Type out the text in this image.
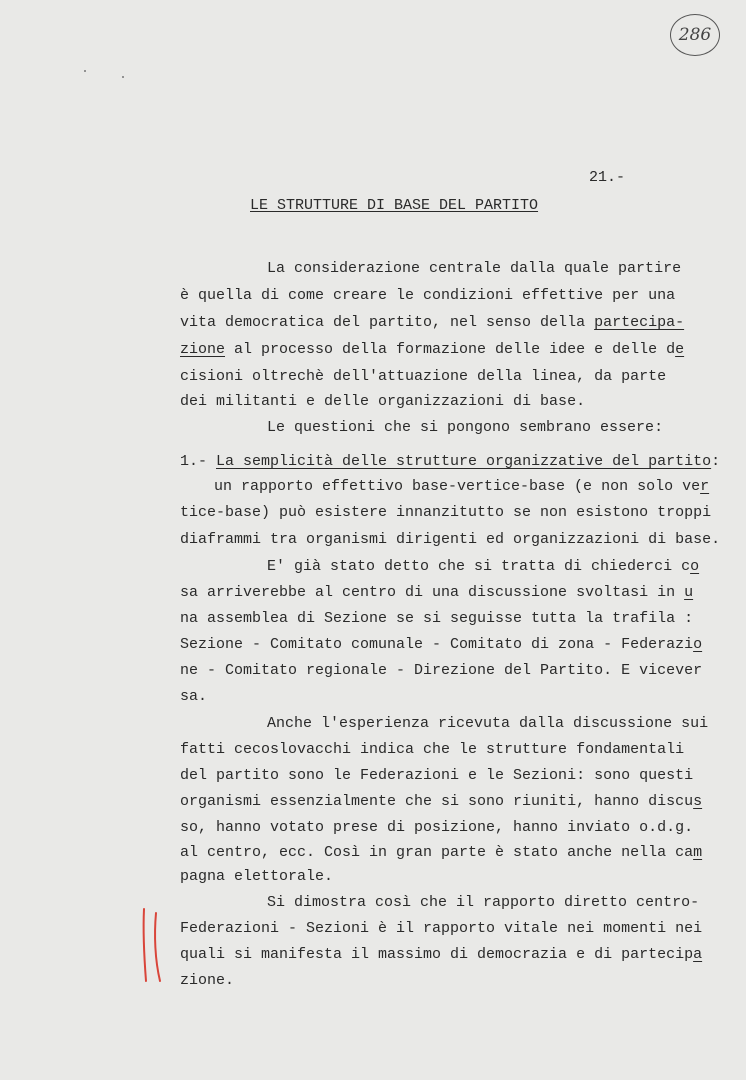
286
21.-
LE STRUTTURE DI BASE DEL PARTITO
La considerazione centrale dalla quale partire
è quella di come creare le condizioni effettive per una
vita democratica del partito, nel senso della partecipa-
zione al processo della formazione delle idee e delle de
cisioni oltrechè dell'attuazione della linea, da parte
dei militanti e delle organizzazioni di base.
Le questioni che si pongono sembrano essere:
1.- La semplicità delle strutture organizzative del partito:
un rapporto effettivo base-vertice-base (e non solo ver
tice-base) può esistere innanzitutto se non esistono troppi
diaframmi tra organismi dirigenti ed organizzazioni di base.
E' già stato detto che si tratta di chiederci co
sa arriverebbe al centro di una discussione svoltasi in u
na assemblea di Sezione se si seguisse tutta la trafila :
Sezione - Comitato comunale - Comitato di zona - Federazio
ne - Comitato regionale - Direzione del Partito. E vicever
sa.
Anche l'esperienza ricevuta dalla discussione sui
fatti cecoslovacchi indica che le strutture fondamentali
del partito sono le Federazioni e le Sezioni: sono questi
organismi essenzialmente che si sono riuniti, hanno discus
so, hanno votato prese di posizione, hanno inviato o.d.g.
al centro, ecc. Così in gran parte è stato anche nella cam
pagna elettorale.
Si dimostra così che il rapporto diretto centro-
Federazioni - Sezioni è il rapporto vitale nei momenti nei
quali si manifesta il massimo di democrazia e di partecipa
zione.
